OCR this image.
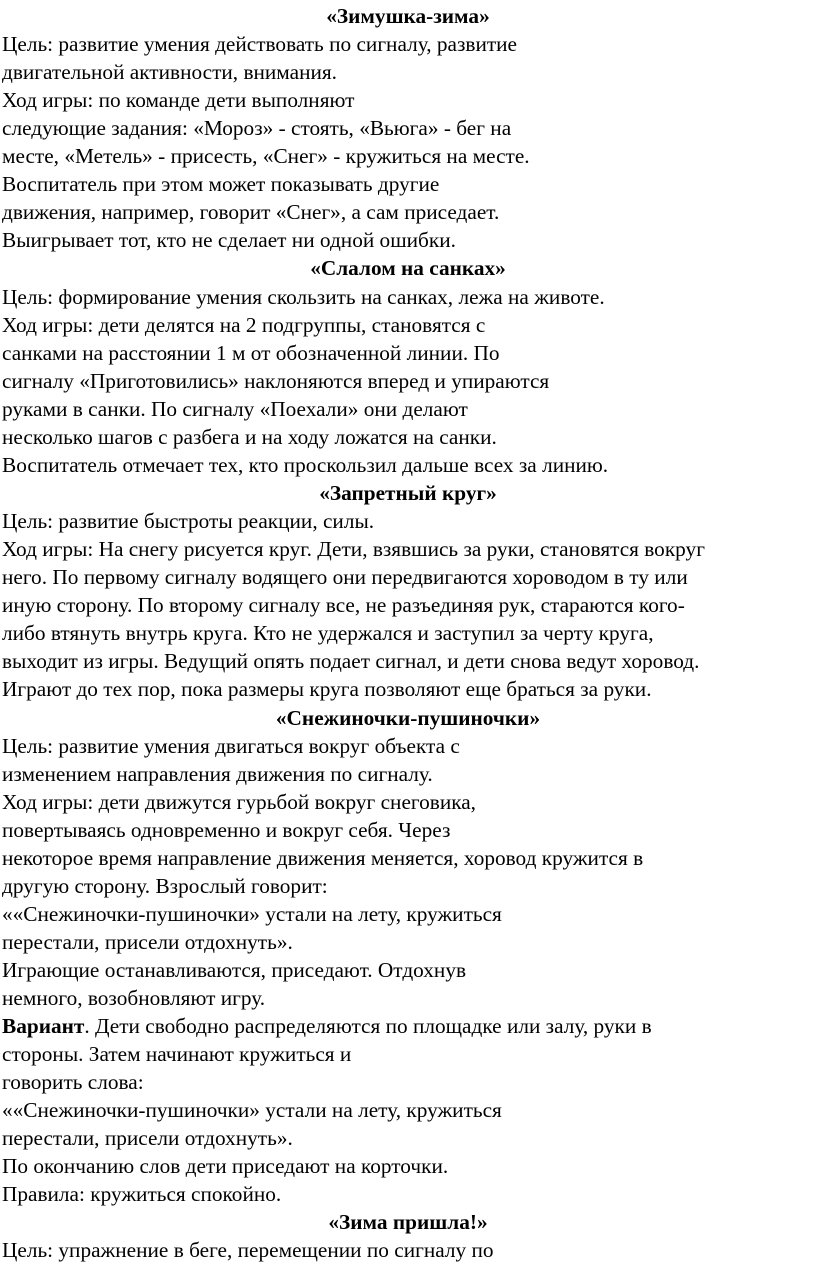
«Зимушка-зима»
Цель: развитие умения действовать по сигналу, развитие
двигательной активности, внимания.
Ход игры: по команде дети выполняют
следующие задания: «Мороз» - стоять, «Вьюга» - бег на
месте, «Метель» - присесть, «Снег» - кружиться на месте.
Воспитатель при этом может показывать другие
движения, например, говорит «Снег», а сам приседает.
Выигрывает тот, кто не сделает ни одной ошибки.
«Слалом на санках»
Цель: формирование умения скользить на санках, лежа на животе.
Ход игры: дети делятся на 2 подгруппы, становятся с
санками на расстоянии 1 м от обозначенной линии. По
сигналу «Приготовились» наклоняются вперед и упираются
руками в санки. По сигналу «Поехали» они делают
несколько шагов с разбега и на ходу ложатся на санки.
Воспитатель отмечает тех, кто проскользил дальше всех за линию.
«Запретный круг»
Цель: развитие быстроты реакции, силы.
Ход игры: На снегу рисуется круг. Дети, взявшись за руки, становятся вокруг
него. По первому сигналу водящего они передвигаются хороводом в ту или
иную сторону. По второму сигналу все, не разъединяя рук, стараются кого-
либо втянуть внутрь круга. Кто не удержался и заступил за черту круга,
выходит из игры. Ведущий опять подает сигнал, и дети снова ведут хоровод.
Играют до тех пор, пока размеры круга позволяют еще браться за руки.
«Снежиночки-пушиночки»
Цель: развитие умения двигаться вокруг объекта с
изменением направления движения по сигналу.
Ход игры: дети движутся гурьбой вокруг снеговика,
повертываясь одновременно и вокруг себя. Через
некоторое время направление движения меняется, хоровод кружится в
другую сторону. Взрослый говорит:
««Снежиночки-пушиночки» устали на лету, кружиться
перестали, присели отдохнуть».
Играющие останавливаются, приседают. Отдохнув
немного, возобновляют игру.
Вариант. Дети свободно распределяются по площадке или залу, руки в
стороны. Затем начинают кружиться и
говорить слова:
««Снежиночки-пушиночки» устали на лету, кружиться
перестали, присели отдохнуть».
По окончанию слов дети приседают на корточки.
Правила: кружиться спокойно.
«Зима пришла!»
Цель: упражнение в беге, перемещении по сигналу по
